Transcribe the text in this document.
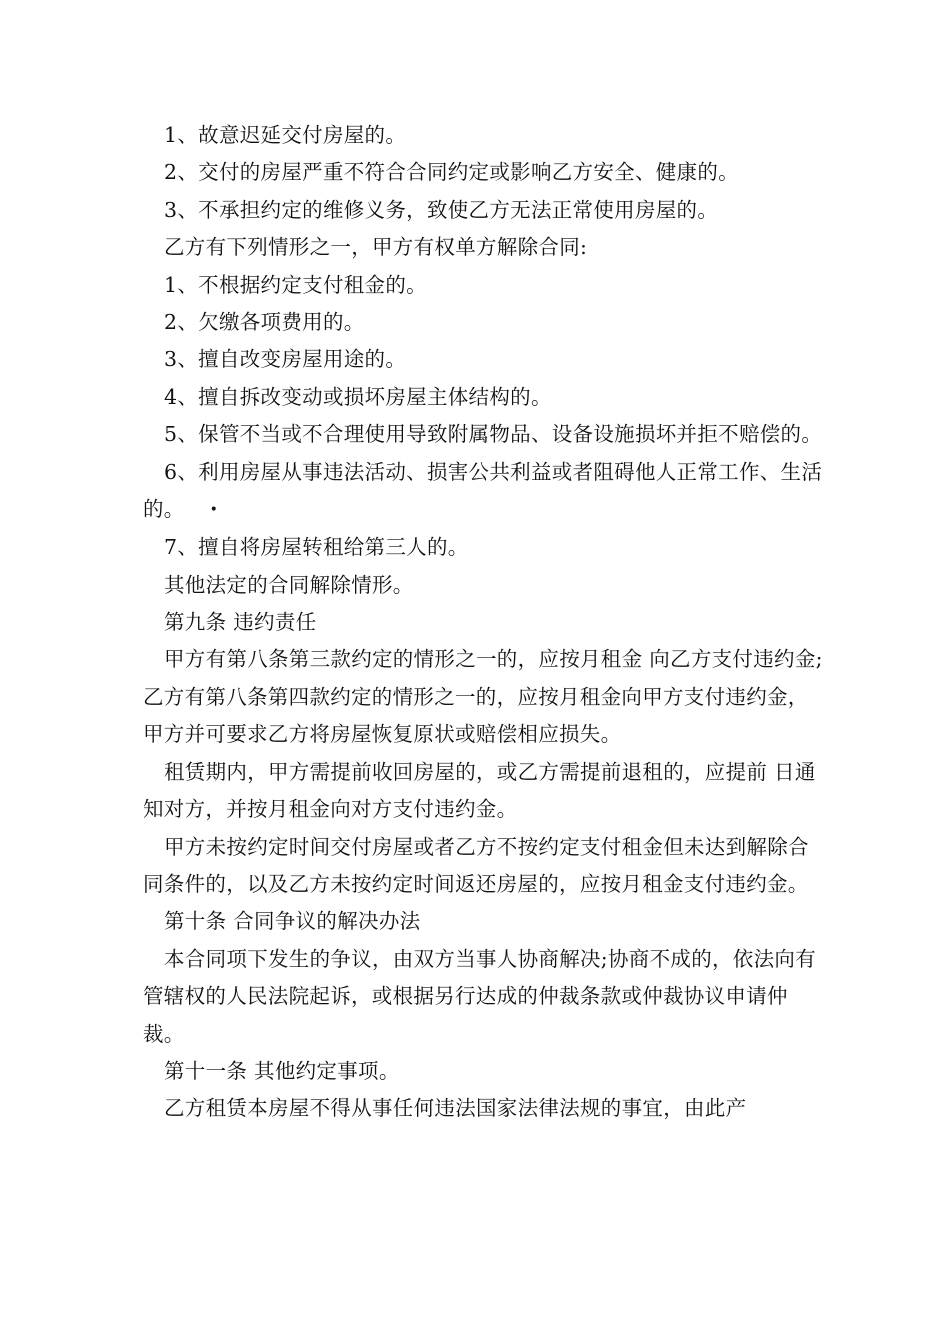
1、故意迟延交付房屋的。

2、交付的房屋严重不符合合同约定或影响乙方安全、健康的。

3、不承担约定的维修义务，致使乙方无法正常使用房屋的。

乙方有下列情形之一，甲方有权单方解除合同:

1、不根据约定支付租金的。

2、欠缴各项费用的。

3、擅自改变房屋用途的。

4、擅自拆改变动或损坏房屋主体结构的。

5、保管不当或不合理使用导致附属物品、设备设施损坏并拒不赔偿的。

6、利用房屋从事违法活动、损害公共利益或者阻碍他人正常工作、生活的。 •

7、擅自将房屋转租给第三人的。

其他法定的合同解除情形。

第九条 违约责任

甲方有第八条第三款约定的情形之一的，应按月租金 向乙方支付违约金;乙方有第八条第四款约定的情形之一的，应按月租金向甲方支付违约金，甲方并可要求乙方将房屋恢复原状或赔偿相应损失。

租赁期内，甲方需提前收回房屋的，或乙方需提前退租的，应提前 日通知对方，并按月租金向对方支付违约金。

甲方未按约定时间交付房屋或者乙方不按约定支付租金但未达到解除合同条件的，以及乙方未按约定时间返还房屋的，应按月租金支付违约金。

第十条 合同争议的解决办法

本合同项下发生的争议，由双方当事人协商解决;协商不成的，依法向有管辖权的人民法院起诉，或根据另行达成的仲裁条款或仲裁协议申请仲裁。

第十一条 其他约定事项。

乙方租赁本房屋不得从事任何违法国家法律法规的事宜，由此产
